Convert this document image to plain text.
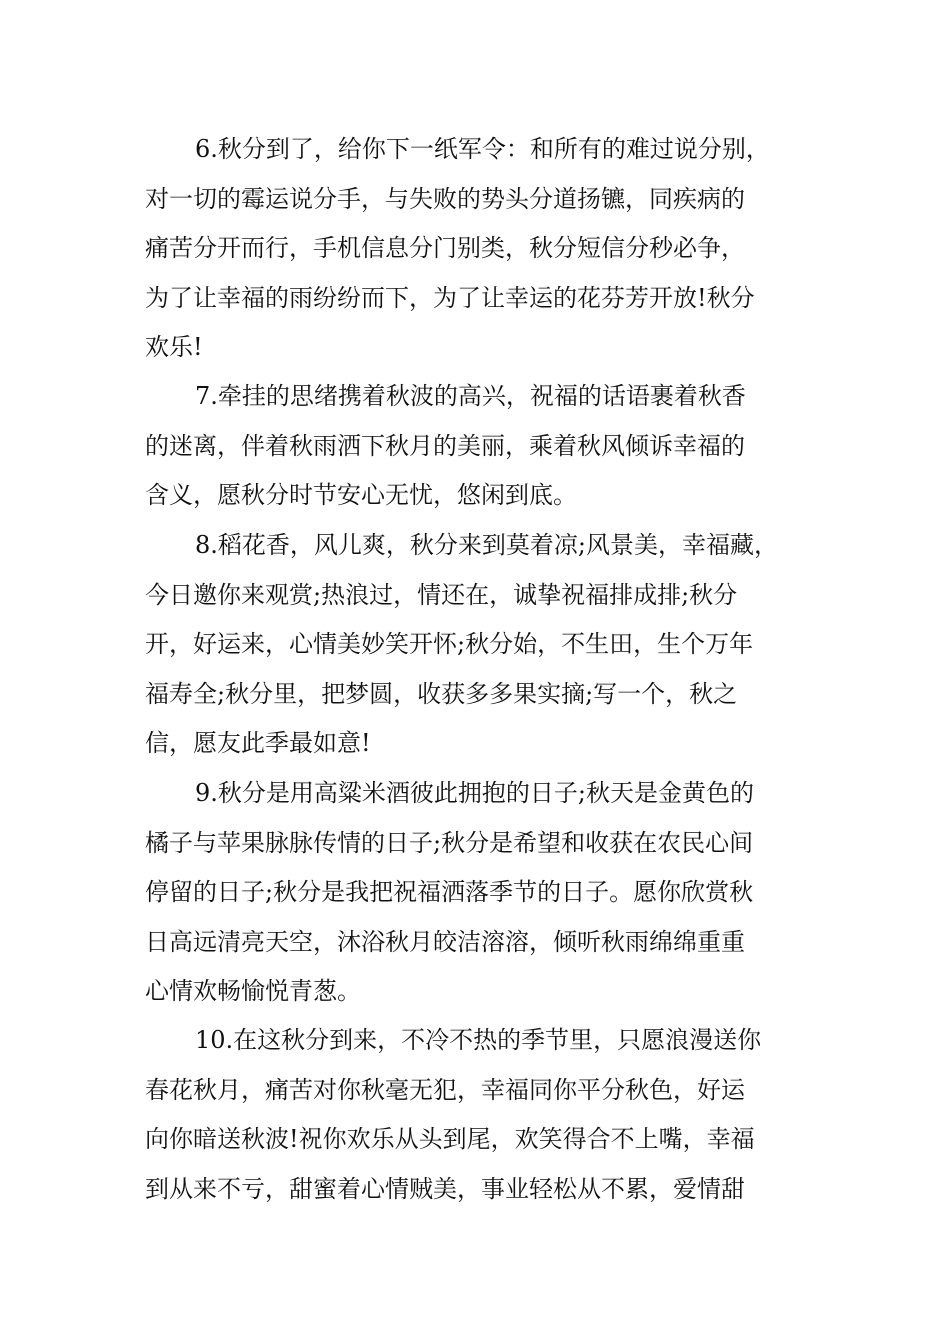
6.秋分到了，给你下一纸军令：和所有的难过说分别，
对一切的霉运说分手，与失败的势头分道扬镳，同疾病的
痛苦分开而行，手机信息分门别类，秋分短信分秒必争，
为了让幸福的雨纷纷而下，为了让幸运的花芬芳开放!秋分
欢乐!
7.牵挂的思绪携着秋波的高兴，祝福的话语裹着秋香
的迷离，伴着秋雨洒下秋月的美丽，乘着秋风倾诉幸福的
含义，愿秋分时节安心无忧，悠闲到底。
8.稻花香，风儿爽，秋分来到莫着凉;风景美，幸福藏，
今日邀你来观赏;热浪过，情还在，诚挚祝福排成排;秋分
开，好运来，心情美妙笑开怀;秋分始，不生田，生个万年
福寿全;秋分里，把梦圆，收获多多果实摘;写一个，秋之
信，愿友此季最如意!
9.秋分是用高粱米酒彼此拥抱的日子;秋天是金黄色的
橘子与苹果脉脉传情的日子;秋分是希望和收获在农民心间
停留的日子;秋分是我把祝福洒落季节的日子。愿你欣赏秋
日高远清亮天空，沐浴秋月皎洁溶溶，倾听秋雨绵绵重重
心情欢畅愉悦青葱。
10.在这秋分到来，不冷不热的季节里，只愿浪漫送你
春花秋月，痛苦对你秋毫无犯，幸福同你平分秋色，好运
向你暗送秋波!祝你欢乐从头到尾，欢笑得合不上嘴，幸福
到从来不亏，甜蜜着心情贼美，事业轻松从不累，爱情甜
